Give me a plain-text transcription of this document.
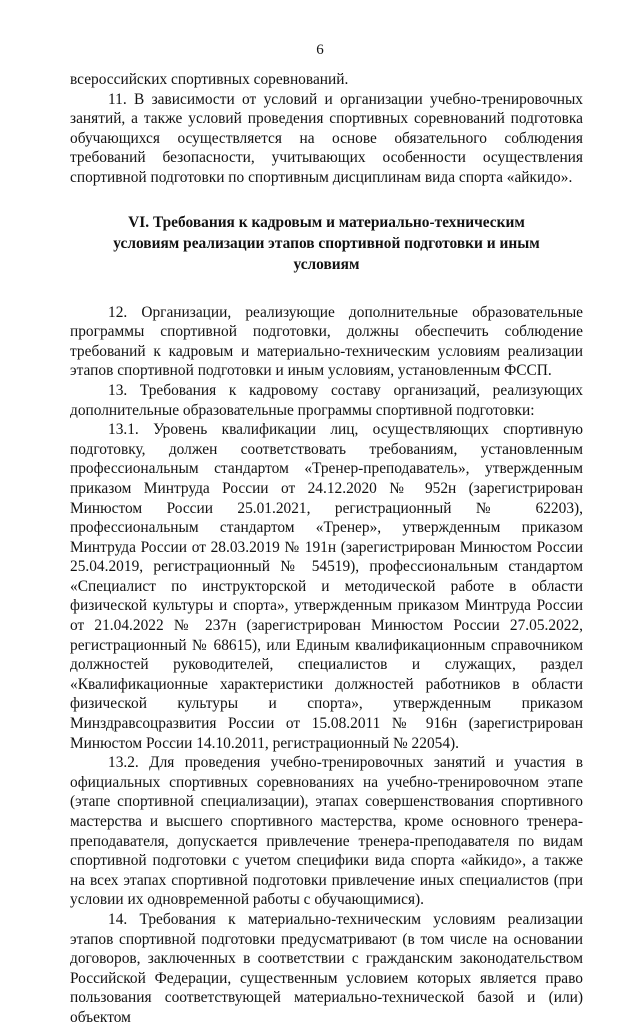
6

всероссийских спортивных соревнований.

11. В зависимости от условий и организации учебно-тренировочных занятий, а также условий проведения спортивных соревнований подготовка обучающихся осуществляется на основе обязательного соблюдения требований безопасности, учитывающих особенности осуществления спортивной подготовки по спортивным дисциплинам вида спорта «айкидо».

VI. Требования к кадровым и материально-техническим условиям реализации этапов спортивной подготовки и иным условиям

12. Организации, реализующие дополнительные образовательные программы спортивной подготовки, должны обеспечить соблюдение требований к кадровым и материально-техническим условиям реализации этапов спортивной подготовки и иным условиям, установленным ФССП.

13. Требования к кадровому составу организаций, реализующих дополнительные образовательные программы спортивной подготовки:

13.1. Уровень квалификации лиц, осуществляющих спортивную подготовку, должен соответствовать требованиям, установленным профессиональным стандартом «Тренер-преподаватель», утвержденным приказом Минтруда России от 24.12.2020 № 952н (зарегистрирован Минюстом России 25.01.2021, регистрационный № 62203), профессиональным стандартом «Тренер», утвержденным приказом Минтруда России от 28.03.2019 № 191н (зарегистрирован Минюстом России 25.04.2019, регистрационный № 54519), профессиональным стандартом «Специалист по инструкторской и методической работе в области физической культуры и спорта», утвержденным приказом Минтруда России от 21.04.2022 № 237н (зарегистрирован Минюстом России 27.05.2022, регистрационный № 68615), или Единым квалификационным справочником должностей руководителей, специалистов и служащих, раздел «Квалификационные характеристики должностей работников в области физической культуры и спорта», утвержденным приказом Минздравсоцразвития России от 15.08.2011 № 916н (зарегистрирован Минюстом России 14.10.2011, регистрационный № 22054).

13.2. Для проведения учебно-тренировочных занятий и участия в официальных спортивных соревнованиях на учебно-тренировочном этапе (этапе спортивной специализации), этапах совершенствования спортивного мастерства и высшего спортивного мастерства, кроме основного тренера-преподавателя, допускается привлечение тренера-преподавателя по видам спортивной подготовки с учетом специфики вида спорта «айкидо», а также на всех этапах спортивной подготовки привлечение иных специалистов (при условии их одновременной работы с обучающимися).

14. Требования к материально-техническим условиям реализации этапов спортивной подготовки предусматривают (в том числе на основании договоров, заключенных в соответствии с гражданским законодательством Российской Федерации, существенным условием которых является право пользования соответствующей материально-технической базой и (или) объектом
